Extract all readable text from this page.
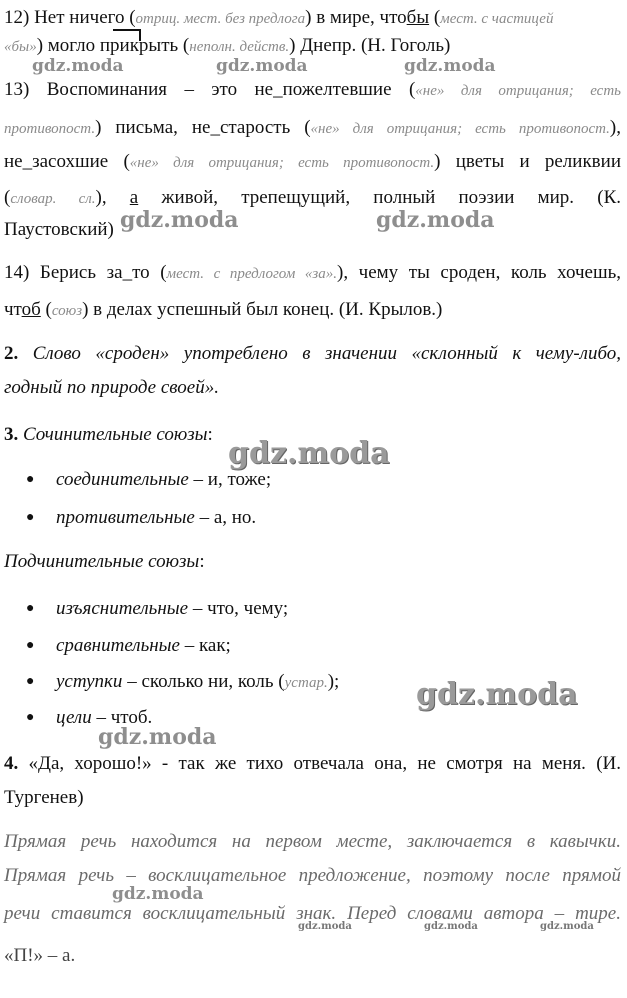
12) Нет ничего (отриц. мест. без предлога) в мире, чтобы (мест. с частицей
«бы») могло прикрыть (неполн. действ.) Днепр. (Н. Гоголь)
gdz.moda	gdz.moda	gdz.moda
13) Воспоминания – это не_пожелтевшие («не» для отрицания; есть
противопост.) письма, не_старость («не» для отрицания; есть противопост.),
не_засохшие («не» для отрицания; есть противопост.) цветы и реликвии
(словар. сл.), а живой, трепещущий, полный поэзии мир. (К.
Паустовский) gdz.moda	gdz.moda
14) Берись за_то (мест. с предлогом «за».), чему ты сроден, коль хочешь,
чтоб (союз) в делах успешный был конец. (И. Крылов.)
2. Слово «сроден» употреблено в значении «склонный к чему-либо,
годный по природе своей».
3. Сочинительные союзы:
gdz.moda
● соединительные – и, тоже;
● противительные – а, но.
Подчинительные союзы:
● изъяснительные – что, чему;
● сравнительные – как;
● уступки – сколько ни, коль (устар.);
● цели – чтоб.
gdz.moda
gdz.moda
4. «Да, хорошо!» - так же тихо отвечала она, не смотря на меня. (И.
Тургенев)
Прямая речь находится на первом месте, заключается в кавычки.
Прямая речь – восклицательное предложение, поэтому после прямой
gdz.moda
речи ставится восклицательный знак. Перед словами автора – тире.
gdz.moda	gdz.moda	gdz.moda
«П!» – а.
